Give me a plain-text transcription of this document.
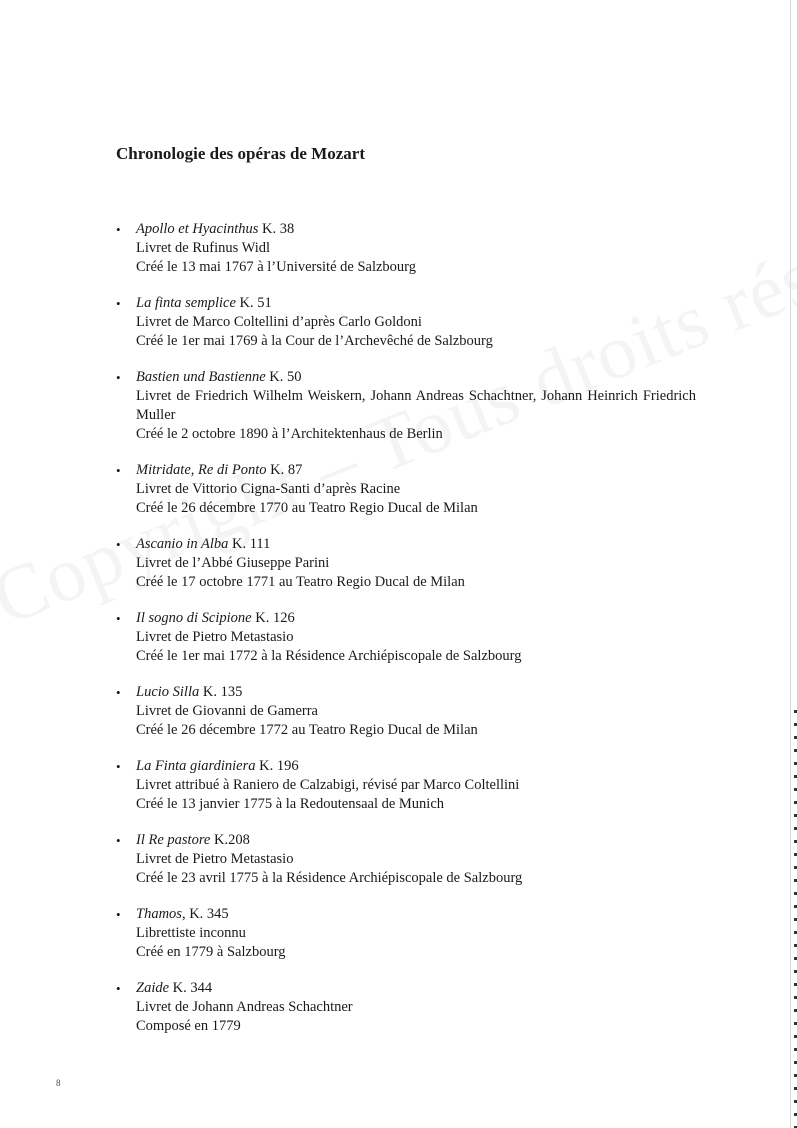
Chronologie des opéras de Mozart
• Apollo et Hyacinthus K. 38
Livret de Rufinus Widl
Créé le 13 mai 1767 à l’Université de Salzbourg
• La finta semplice K. 51
Livret de Marco Coltellini d’après Carlo Goldoni
Créé le 1er mai 1769 à la Cour de l’Archevêché de Salzbourg
• Bastien und Bastienne K. 50
Livret de Friedrich Wilhelm Weiskern, Johann Andreas Schachtner, Johann Heinrich Friedrich Muller
Créé le 2 octobre 1890 à l’Architektenhaus de Berlin
• Mitridate, Re di Ponto K. 87
Livret de Vittorio Cigna-Santi d’après Racine
Créé le 26 décembre 1770 au Teatro Regio Ducal de Milan
• Ascanio in Alba K. 111
Livret de l’Abbé Giuseppe Parini
Créé le 17 octobre 1771 au Teatro Regio Ducal de Milan
• Il sogno di Scipione K. 126
Livret de Pietro Metastasio
Créé le 1er mai 1772 à la Résidence Archiépiscopale de Salzbourg
• Lucio Silla K. 135
Livret de Giovanni de Gamerra
Créé le 26 décembre 1772 au Teatro Regio Ducal de Milan
• La Finta giardiniera K. 196
Livret attribué à Raniero de Calzabigi, révisé par Marco Coltellini
Créé le 13 janvier 1775 à la Redoutensaal de Munich
• Il Re pastore K.208
Livret de Pietro Metastasio
Créé le 23 avril 1775 à la Résidence Archiépiscopale de Salzbourg
• Thamos, K. 345
Librettiste inconnu
Créé en 1779 à Salzbourg
• Zaide K. 344
Livret de Johann Andreas Schachtner
Composé en 1779
8
